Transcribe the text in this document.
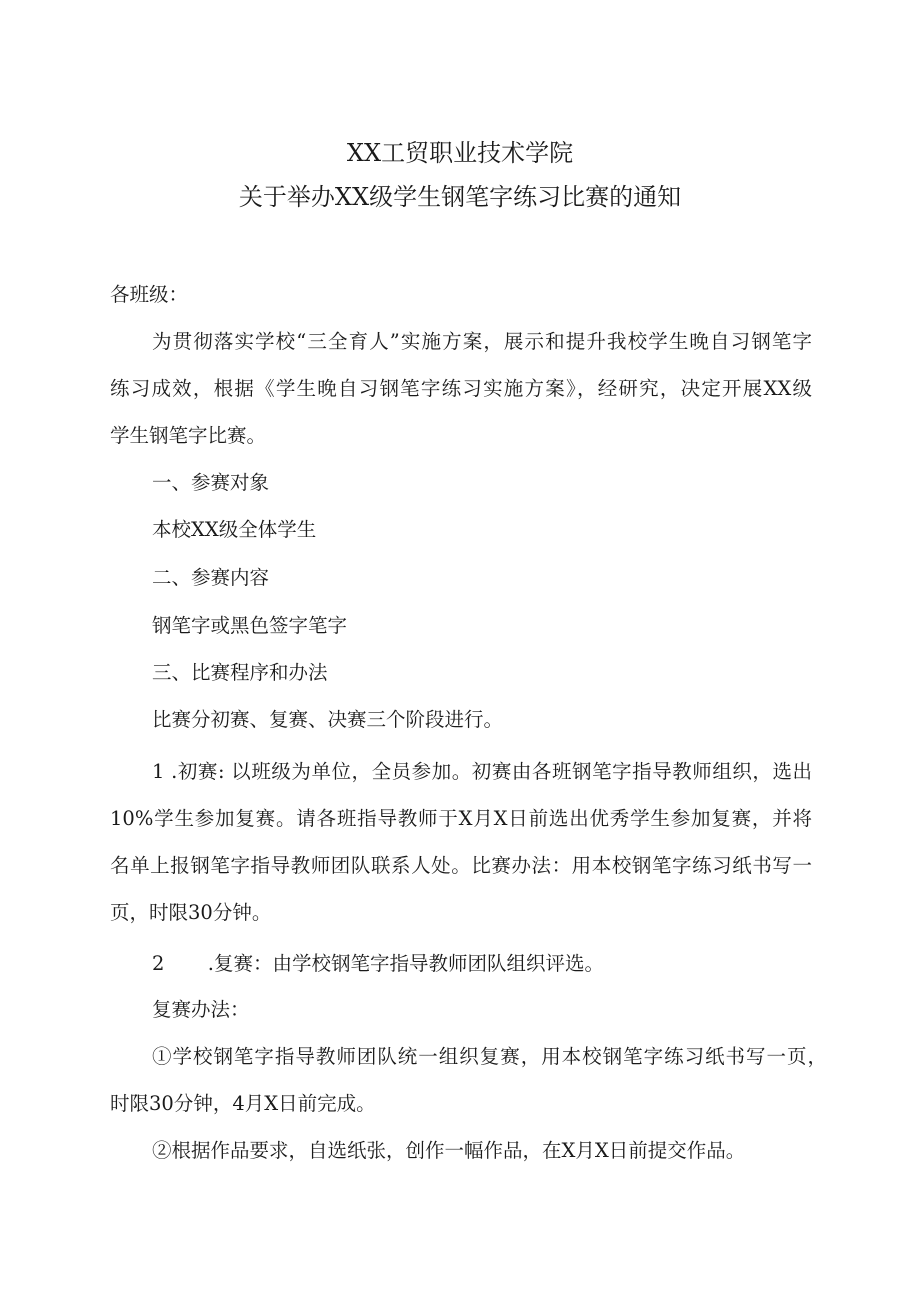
XX工贸职业技术学院
关于举办XX级学生钢笔字练习比赛的通知
各班级：
为贯彻落实学校“三全育人”实施方案，展示和提升我校学生晚自习钢笔字
练习成效，根据《学生晚自习钢笔字练习实施方案》，经研究，决定开展XX级
学生钢笔字比赛。
一、参赛对象
本校XX级全体学生
二、参赛内容
钢笔字或黑色签字笔字
三、比赛程序和办法
比赛分初赛、复赛、决赛三个阶段进行。
1 .初赛: 以班级为单位，全员参加。初赛由各班钢笔字指导教师组织，选出
10%学生参加复赛。请各班指导教师于X月X日前选出优秀学生参加复赛，并将
名单上报钢笔字指导教师团队联系人处。比赛办法：用本校钢笔字练习纸书写一
页，时限30分钟。
2       .复赛：由学校钢笔字指导教师团队组织评选。
复赛办法：
①学校钢笔字指导教师团队统一组织复赛，用本校钢笔字练习纸书写一页，
时限30分钟，4月X日前完成。
②根据作品要求，自选纸张，创作一幅作品，在X月X日前提交作品。
